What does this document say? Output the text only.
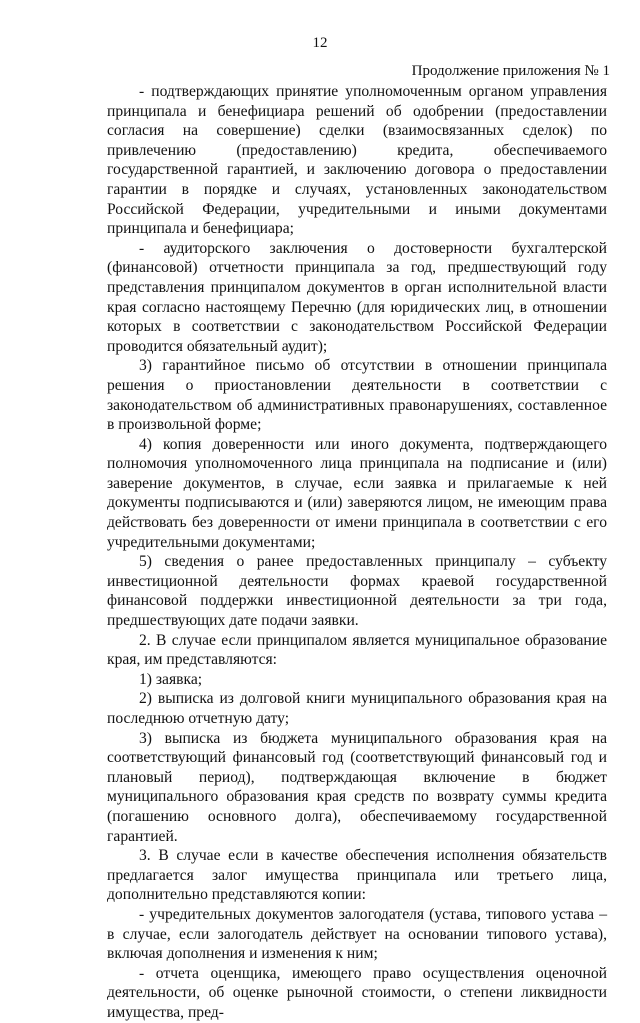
12
Продолжение приложения № 1

- подтверждающих принятие уполномоченным органом управления принципала и бенефициара решений об одобрении (предоставлении согласия на совершение) сделки (взаимосвязанных сделок) по привлечению (предоставлению) кредита, обеспечиваемого государственной гарантией, и заключению договора о предоставлении гарантии в порядке и случаях, установленных законодательством Российской Федерации, учредительными и иными документами принципала и бенефициара;

- аудиторского заключения о достоверности бухгалтерской (финансовой) отчетности принципала за год, предшествующий году представления принципалом документов в орган исполнительной власти края согласно настоящему Перечню (для юридических лиц, в отношении которых в соответствии с законодательством Российской Федерации проводится обязательный аудит);

3) гарантийное письмо об отсутствии в отношении принципала решения о приостановлении деятельности в соответствии с законодательством об административных правонарушениях, составленное в произвольной форме;

4) копия доверенности или иного документа, подтверждающего полномочия уполномоченного лица принципала на подписание и (или) заверение документов, в случае, если заявка и прилагаемые к ней документы подписываются и (или) заверяются лицом, не имеющим права действовать без доверенности от имени принципала в соответствии с его учредительными документами;

5) сведения о ранее предоставленных принципалу – субъекту инвестиционной деятельности формах краевой государственной финансовой поддержки инвестиционной деятельности за три года, предшествующих дате подачи заявки.

2. В случае если принципалом является муниципальное образование края, им представляются:

1) заявка;

2) выписка из долговой книги муниципального образования края на последнюю отчетную дату;

3) выписка из бюджета муниципального образования края на соответствующий финансовый год (соответствующий финансовый год и плановый период), подтверждающая включение в бюджет муниципального образования края средств по возврату суммы кредита (погашению основного долга), обеспечиваемому государственной гарантией.

3. В случае если в качестве обеспечения исполнения обязательств предлагается залог имущества принципала или третьего лица, дополнительно представляются копии:

- учредительных документов залогодателя (устава, типового устава – в случае, если залогодатель действует на основании типового устава), включая дополнения и изменения к ним;

- отчета оценщика, имеющего право осуществления оценочной деятельности, об оценке рыночной стоимости, о степени ликвидности имущества, пред-
